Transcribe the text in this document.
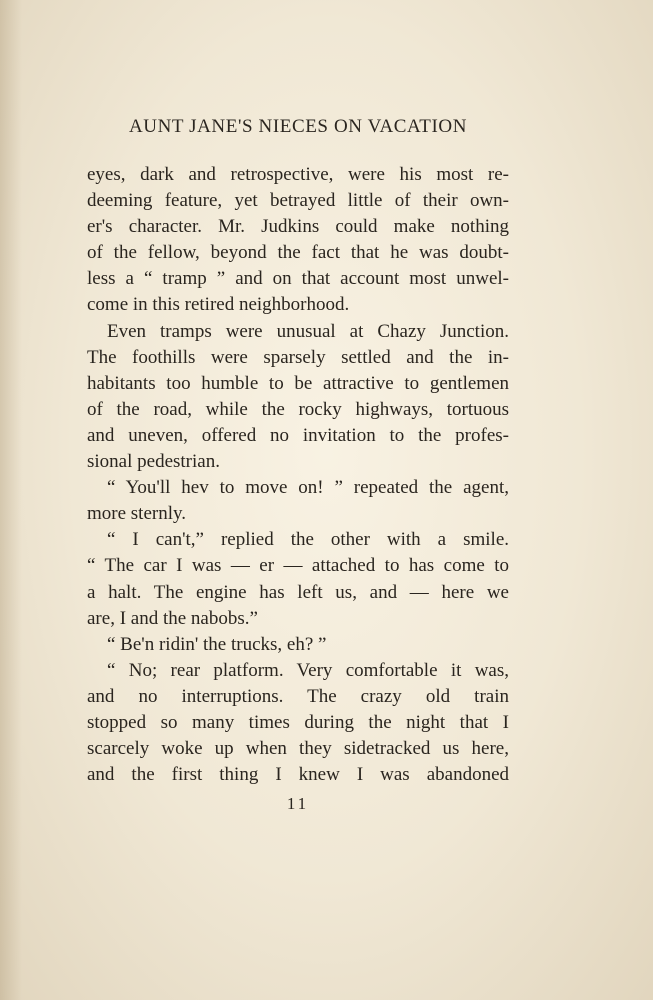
AUNT JANE'S NIECES ON VACATION
eyes, dark and retrospective, were his most re-
deeming feature, yet betrayed little of their own-
er's character. Mr. Judkins could make nothing
of the fellow, beyond the fact that he was doubt-
less a “ tramp ” and on that account most unwel-
come in this retired neighborhood.
Even tramps were unusual at Chazy Junction.
The foothills were sparsely settled and the in-
habitants too humble to be attractive to gentlemen
of the road, while the rocky highways, tortuous
and uneven, offered no invitation to the profes-
sional pedestrian.
“ You'll hev to move on! ” repeated the agent,
more sternly.
“ I can't,” replied the other with a smile.
“ The car I was — er — attached to has come to
a halt. The engine has left us, and — here we
are, I and the nabobs.”
“ Be'n ridin' the trucks, eh? ”
“ No; rear platform. Very comfortable it was,
and no interruptions. The crazy old train
stopped so many times during the night that I
scarcely woke up when they sidetracked us here,
and the first thing I knew I was abandoned
11
